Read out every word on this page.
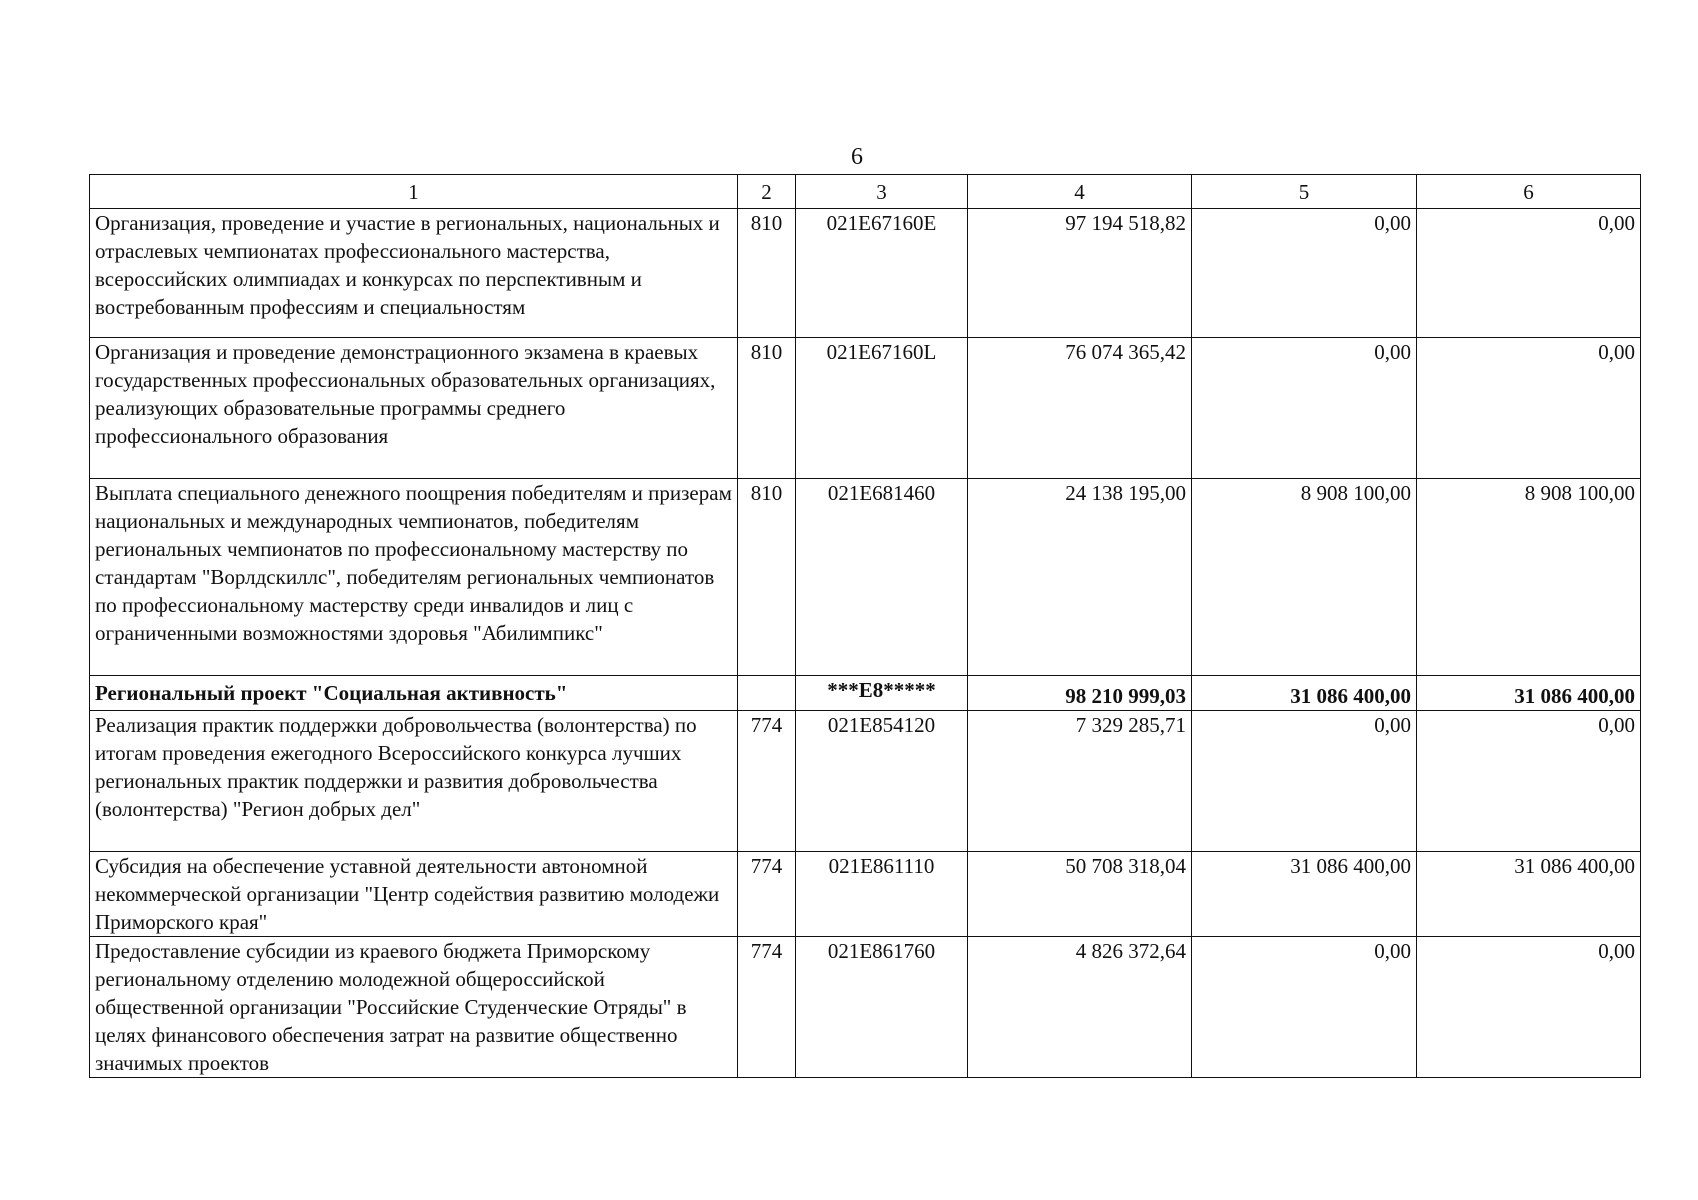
6
1	2	3	4	5	6
Организация, проведение и участие в региональных, национальных и отраслевых чемпионатах профессионального мастерства, всероссийских олимпиадах и конкурсах по перспективным и востребованным профессиям и специальностям	810	021E67160E	97 194 518,82	0,00	0,00
Организация и проведение демонстрационного экзамена в краевых государственных профессиональных образовательных организациях, реализующих образовательные программы среднего профессионального образования	810	021E67160L	76 074 365,42	0,00	0,00
Выплата специального денежного поощрения победителям и призерам национальных и международных чемпионатов, победителям региональных чемпионатов по профессиональному мастерству по стандартам "Ворлдскиллс", победителям региональных чемпионатов по профессиональному мастерству среди инвалидов и лиц с ограниченными возможностями здоровья "Абилимпикс"	810	021E681460	24 138 195,00	8 908 100,00	8 908 100,00
Региональный проект "Социальная активность"		***E8*****	98 210 999,03	31 086 400,00	31 086 400,00
Реализация практик поддержки добровольчества (волонтерства) по итогам проведения ежегодного Всероссийского конкурса лучших региональных практик поддержки и развития добровольчества (волонтерства) "Регион добрых дел"	774	021E854120	7 329 285,71	0,00	0,00
Субсидия на обеспечение уставной деятельности автономной некоммерческой организации "Центр содействия развитию молодежи Приморского края"	774	021E861110	50 708 318,04	31 086 400,00	31 086 400,00
Предоставление субсидии из краевого бюджета Приморскому региональному отделению молодежной общероссийской общественной организации "Российские Студенческие Отряды" в целях финансового обеспечения затрат на развитие общественно значимых проектов	774	021E861760	4 826 372,64	0,00	0,00
